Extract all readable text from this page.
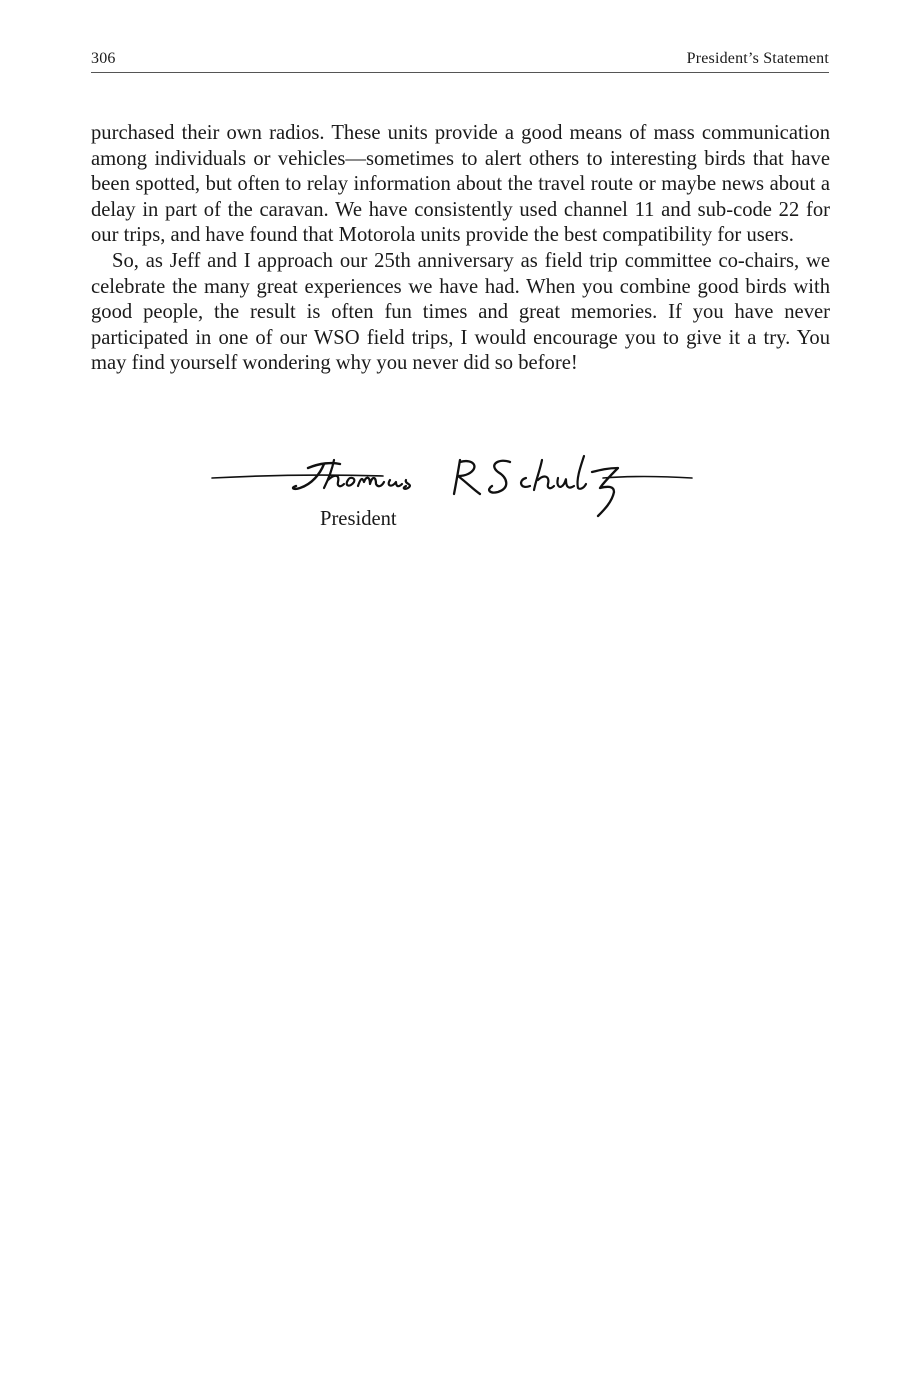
306	President’s Statement

purchased their own radios. These units provide a good means of mass communication among individuals or vehicles—sometimes to alert others to interesting birds that have been spotted, but often to relay information about the travel route or maybe news about a delay in part of the caravan. We have consistently used channel 11 and sub-code 22 for our trips, and have found that Motorola units provide the best compatibility for users.

So, as Jeff and I approach our 25th anniversary as field trip committee co-chairs, we celebrate the many great experiences we have had. When you combine good birds with good people, the result is often fun times and great memories. If you have never participated in one of our WSO field trips, I would encourage you to give it a try. You may find yourself wondering why you never did so before!

President
